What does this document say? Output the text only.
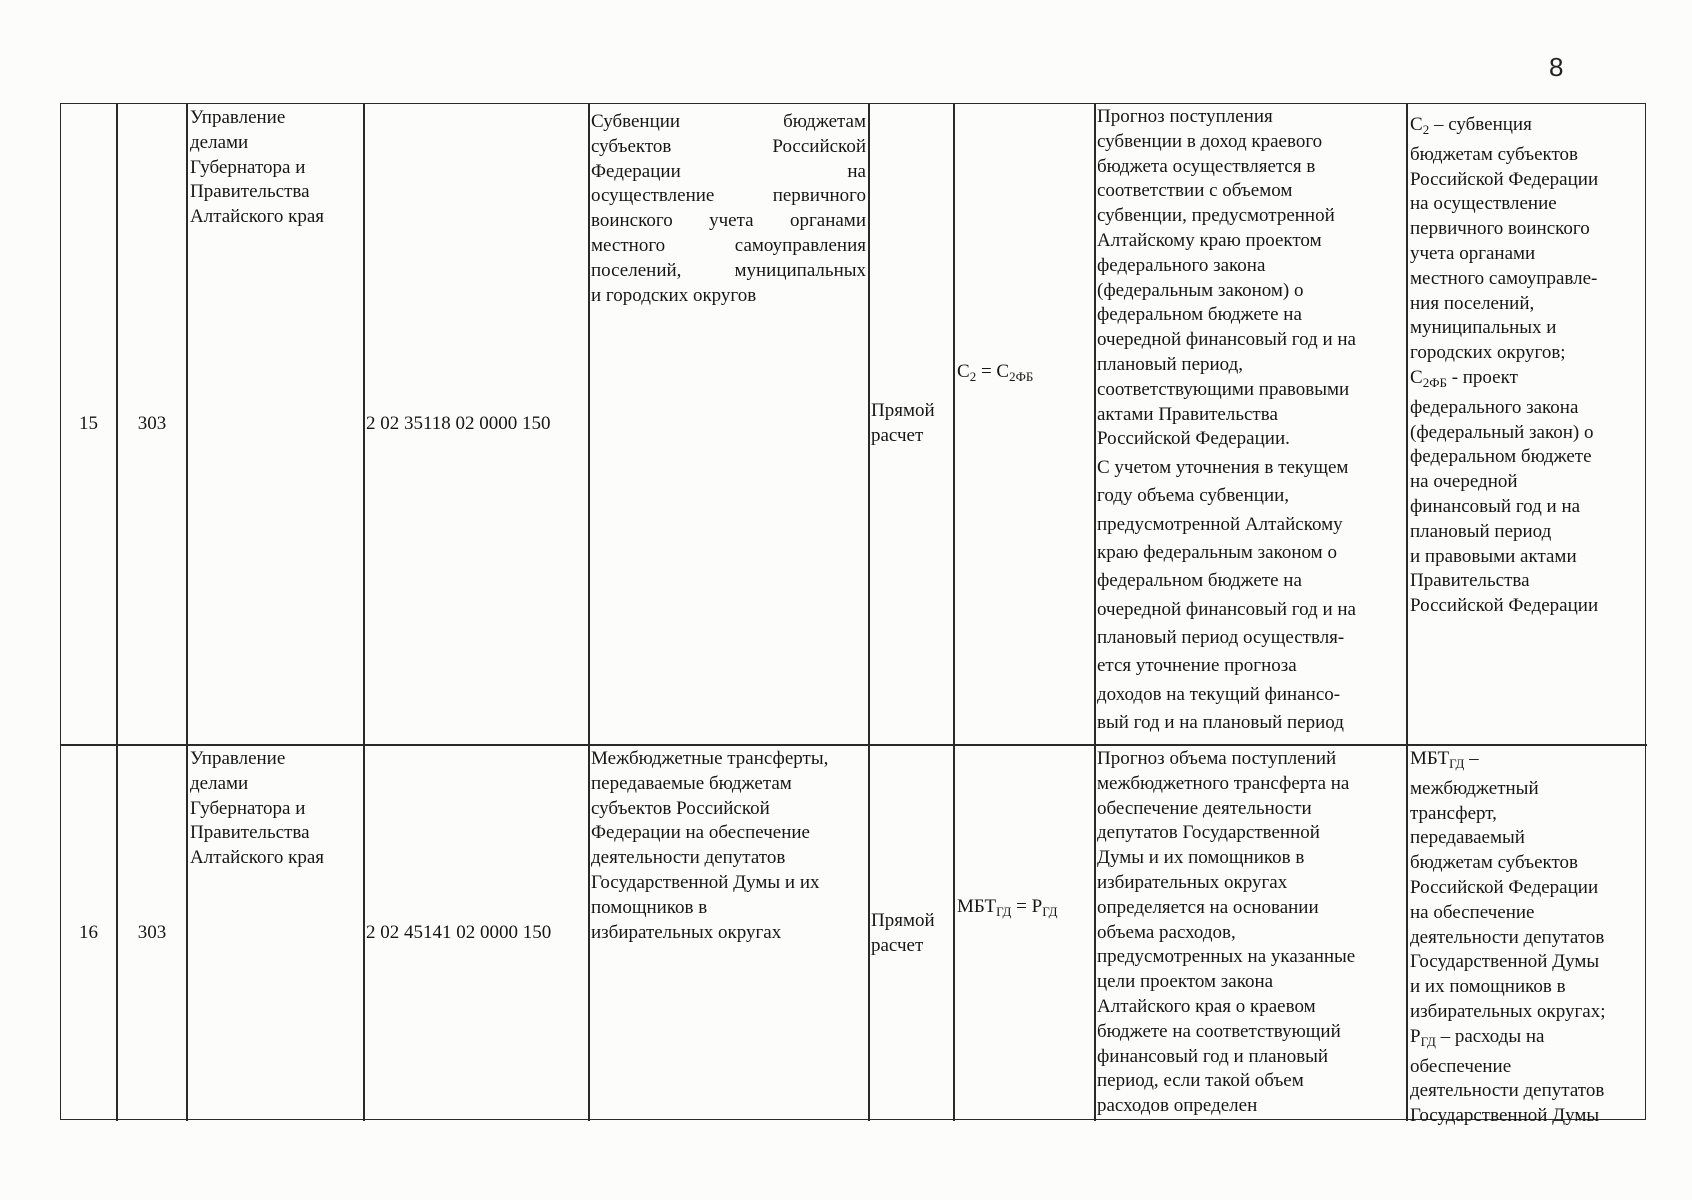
8
15 303
Управление
делами
Губернатора и
Правительства
Алтайского края
2 02 35118 02 0000 150
Субвенции бюджетам
субъектов Российской
Федерации на
осуществление первичного
воинского учета органами
местного самоуправления
поселений, муниципальных
и городских округов
Прямой
расчет
$C_2 = C_{2ФБ}$
Прогноз поступления
субвенции в доход краевого
бюджета осуществляется в
соответствии с объемом
субвенции, предусмотренной
Алтайскому краю проектом
федерального закона
(федеральным законом) о
федеральном бюджете на
очередной финансовый год и на
плановый период,
соответствующими правовыми
актами Правительства
Российской Федерации.
С учетом уточнения в текущем
году объема субвенции,
предусмотренной Алтайскому
краю федеральным законом о
федеральном бюджете на
очередной финансовый год и на
плановый период осуществля-
ется уточнение прогноза
доходов на текущий финансо-
вый год и на плановый период
$C_2$ – субвенция
бюджетам субъектов
Российской Федерации
на осуществление
первичного воинского
учета органами
местного самоуправле-
ния поселений,
муниципальных и
городских округов;
$C_{2ФБ}$ - проект
федерального закона
(федеральный закон) о
федеральном бюджете
на очередной
финансовый год и на
плановый период
и правовыми актами
Правительства
Российской Федерации
16 303
Управление
делами
Губернатора и
Правительства
Алтайского края
2 02 45141 02 0000 150
Межбюджетные трансферты,
передаваемые бюджетам
субъектов Российской
Федерации на обеспечение
деятельности депутатов
Государственной Думы и их
помощников в
избирательных округах
Прямой
расчет
$МБТ_{ГД} = Р_{ГД}$
Прогноз объема поступлений
межбюджетного трансферта на
обеспечение деятельности
депутатов Государственной
Думы и их помощников в
избирательных округах
определяется на основании
объема расходов,
предусмотренных на указанные
цели проектом закона
Алтайского края о краевом
бюджете на соответствующий
финансовый год и плановый
период, если такой объем
расходов определен
$МБТ_{ГД}$ –
межбюджетный
трансферт,
передаваемый
бюджетам субъектов
Российской Федерации
на обеспечение
деятельности депутатов
Государственной Думы
и их помощников в
избирательных округах;
$Р_{ГД}$ – расходы на
обеспечение
деятельности депутатов
Государственной Думы
